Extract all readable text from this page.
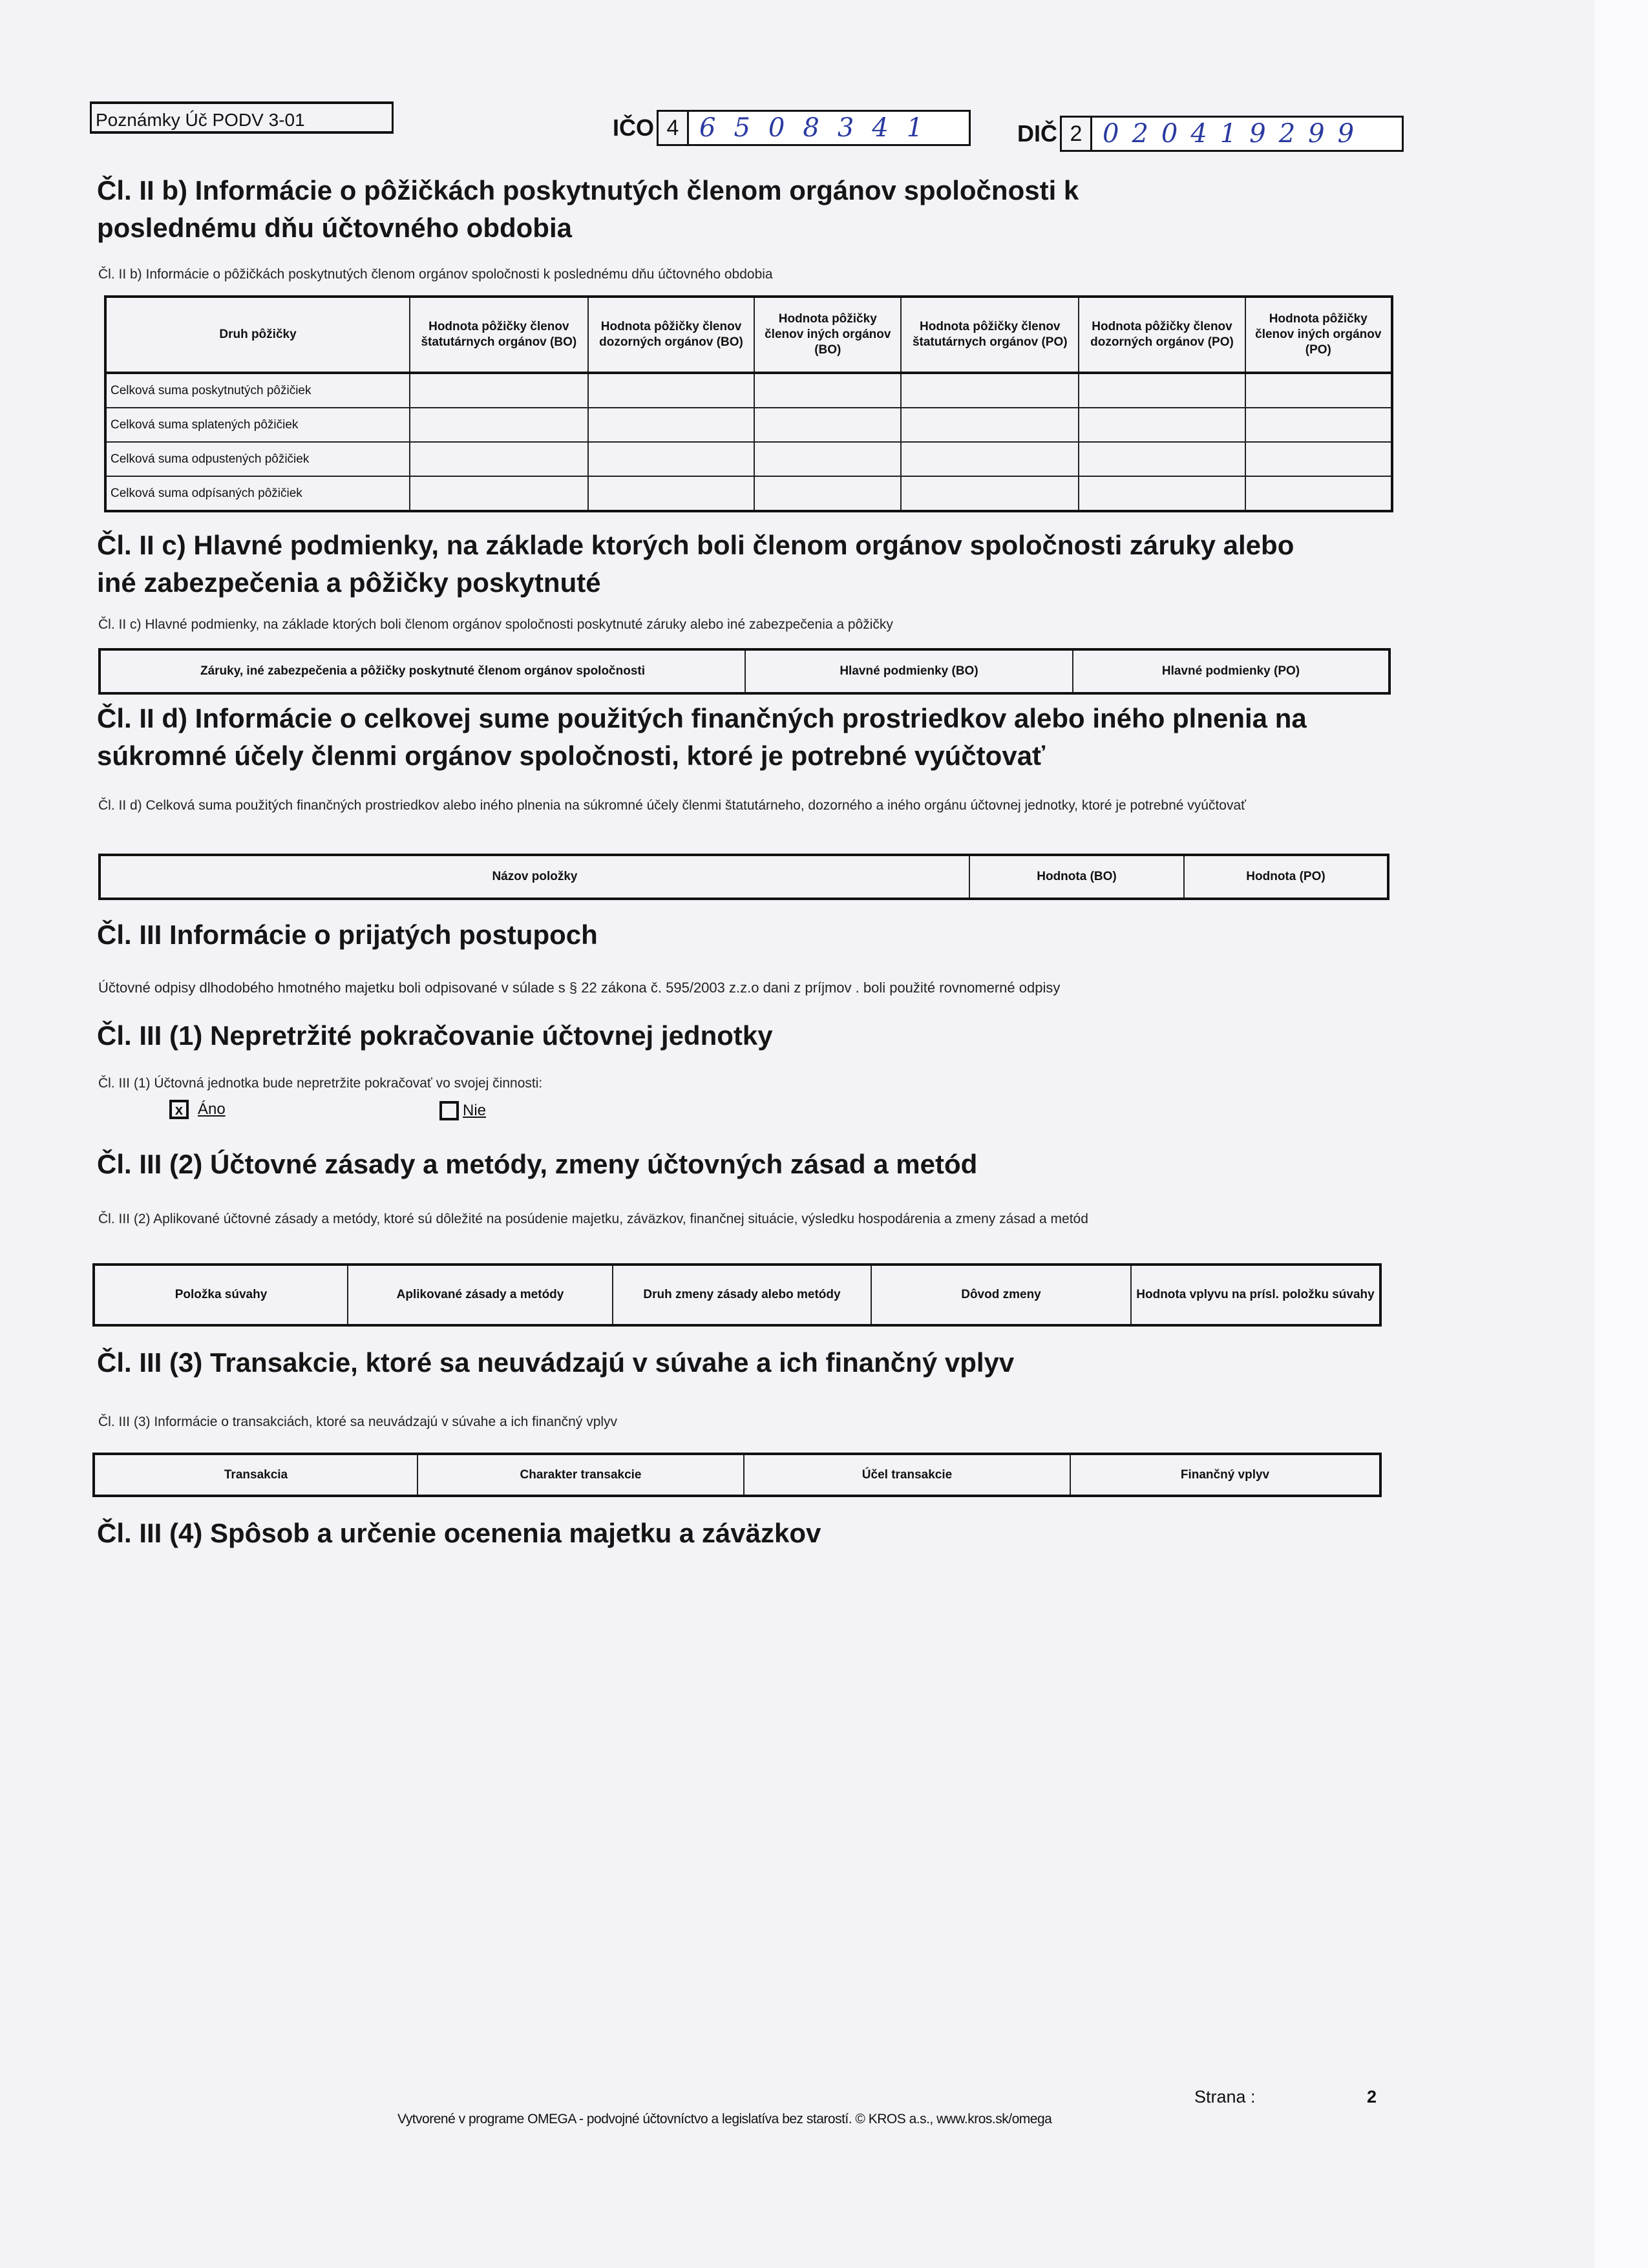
Poznámky Úč PODV 3-01	IČO 4 6508341	DIČ 2 020419299
Čl. II b) Informácie o pôžičkách poskytnutých členom orgánov spoločnosti k poslednému dňu účtovného obdobia
Čl. II b) Informácie o pôžičkách poskytnutých členom orgánov spoločnosti k poslednému dňu účtovného obdobia
Druh pôžičky	Hodnota pôžičky členov štatutárnych orgánov (BO)	Hodnota pôžičky členov dozorných orgánov (BO)	Hodnota pôžičky členov iných orgánov (BO)	Hodnota pôžičky členov štatutárnych orgánov (PO)	Hodnota pôžičky členov dozorných orgánov (PO)	Hodnota pôžičky členov iných orgánov (PO)
Celková suma poskytnutých pôžičiek						
Celková suma splatených pôžičiek						
Celková suma odpustených pôžičiek						
Celková suma odpísaných pôžičiek						
Čl. II c) Hlavné podmienky, na základe ktorých boli členom orgánov spoločnosti záruky alebo iné zabezpečenia a pôžičky poskytnuté
Čl. II c) Hlavné podmienky, na základe ktorých boli členom orgánov spoločnosti poskytnuté záruky alebo iné zabezpečenia a pôžičky
Záruky, iné zabezpečenia a pôžičky poskytnuté členom orgánov spoločnosti	Hlavné podmienky (BO)	Hlavné podmienky (PO)
Čl. II d) Informácie o celkovej sume použitých finančných prostriedkov alebo iného plnenia na súkromné účely členmi orgánov spoločnosti, ktoré je potrebné vyúčtovať
Čl. II d) Celková suma použitých finančných prostriedkov alebo iného plnenia na súkromné účely členmi štatutárneho, dozorného a iného orgánu účtovnej jednotky, ktoré je potrebné vyúčtovať
Názov položky	Hodnota (BO)	Hodnota (PO)
Čl. III Informácie o prijatých postupoch
Účtovné odpisy dlhodobého hmotného majetku boli odpisované v súlade s § 22 zákona č. 595/2003 z.z.o dani z príjmov . boli použité rovnomerné odpisy
Čl. III (1) Nepretržité pokračovanie účtovnej jednotky
Čl. III (1) Účtovná jednotka bude nepretržite pokračovať vo svojej činnosti:
x Áno	Nie
Čl. III (2) Účtovné zásady a metódy, zmeny účtovných zásad a metód
Čl. III (2) Aplikované účtovné zásady a metódy, ktoré sú dôležité na posúdenie majetku, záväzkov, finančnej situácie, výsledku hospodárenia a zmeny zásad a metód
Položka súvahy	Aplikované zásady a metódy	Druh zmeny zásady alebo metódy	Dôvod zmeny	Hodnota vplyvu na prísl. položku súvahy
Čl. III (3) Transakcie, ktoré sa neuvádzajú v súvahe a ich finančný vplyv
Čl. III (3) Informácie o transakciách, ktoré sa neuvádzajú v súvahe a ich finančný vplyv
Transakcia	Charakter transakcie	Účel transakcie	Finančný vplyv
Čl. III (4) Spôsob a určenie ocenenia majetku a záväzkov
Vytvorené v programe OMEGA - podvojné účtovníctvo a legislatíva bez starostí. © KROS a.s., www.kros.sk/omega
Strana :	2
